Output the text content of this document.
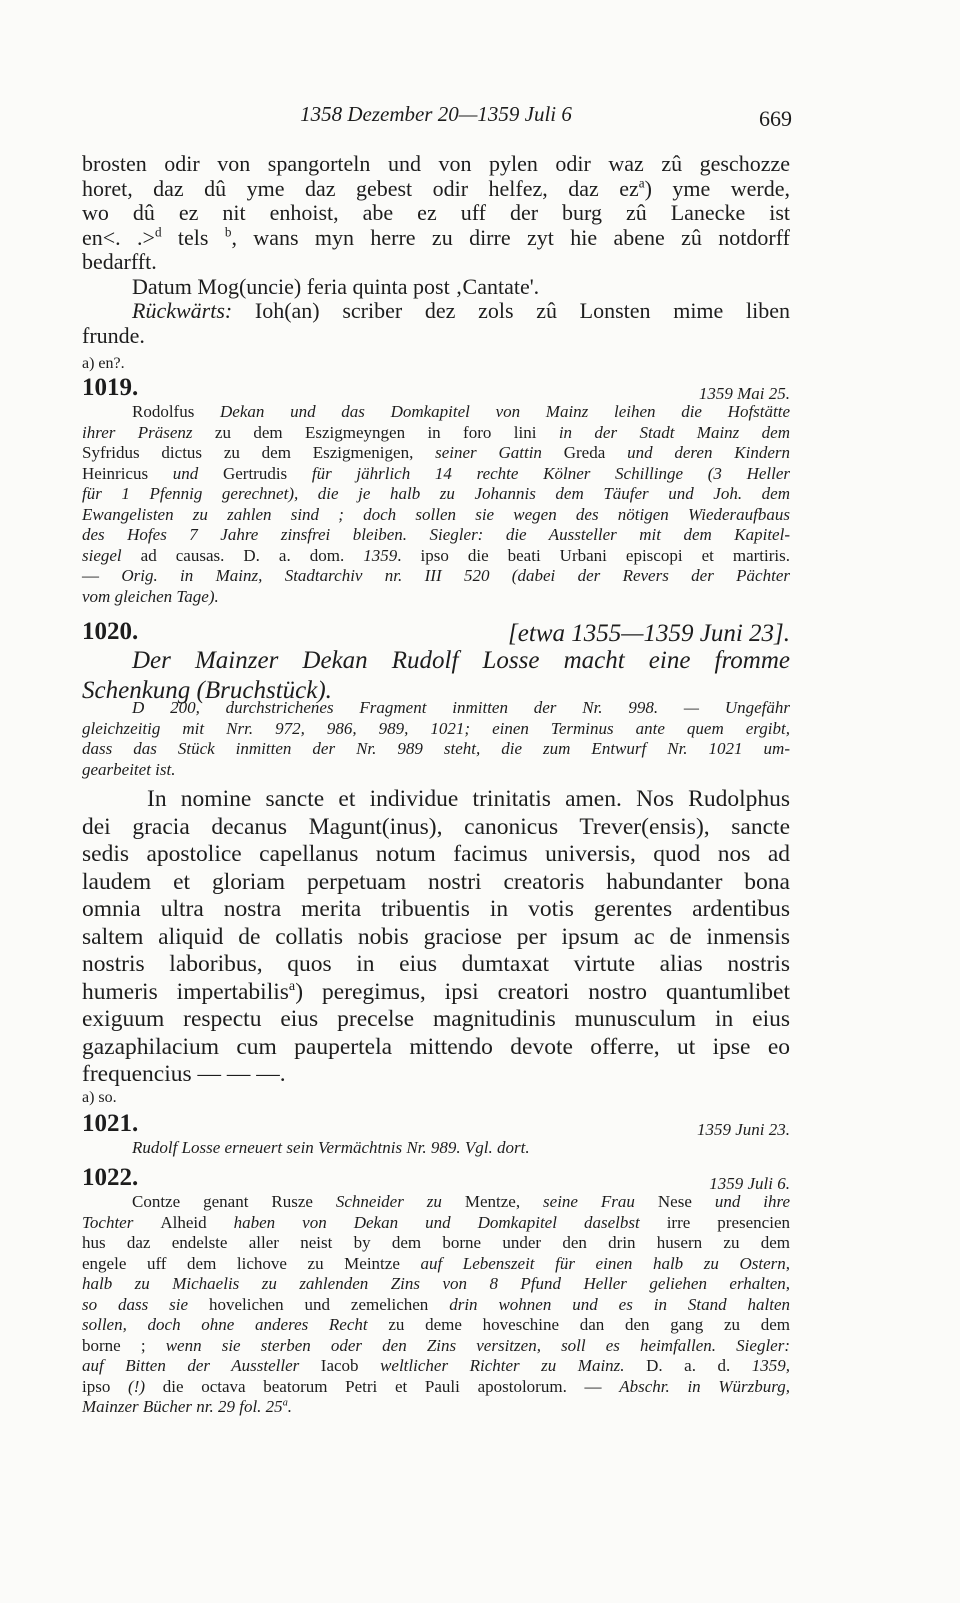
1358 Dezember 20—1359 Juli 6	669
brosten odir von spangorteln und von pylen odir waz zû geschozze
horet, daz dû yme daz gebest odir helfez, daz $ez^a$) yme werde,
wo dû ez nit enhoist, abe ez uff der burg zû Lanecke ist
en<. .>$^d$ tels $^b$, wans myn herre zu dirre zyt hie abene zû notdorff
bedarfft.
Datum Mog(uncie) feria quinta post ‚Cantate'.
Rückwärts: Ioh(an) scriber dez zols zû Lonsten mime liben
frunde.
a) en?.
1019.	1359 Mai 25.
Rodolfus Dekan und das Domkapitel von Mainz leihen die Hofstätte
ihrer Präsenz zu dem Eszigmeyngen in foro lini in der Stadt Mainz dem
Syfridus dictus zu dem Eszigmenigen, seiner Gattin Greda und deren Kindern
Heinricus und Gertrudis für jährlich 14 rechte Kölner Schillinge (3 Heller
für 1 Pfennig gerechnet), die je halb zu Johannis dem Täufer und Joh. dem
Ewangelisten zu zahlen sind ; doch sollen sie wegen des nötigen Wiederaufbaus
des Hofes 7 Jahre zinsfrei bleiben. Siegler: die Aussteller mit dem Kapitel-
siegel ad causas. D. a. dom. 1359. ipso die beati Urbani episcopi et martiris.
— Orig. in Mainz, Stadtarchiv nr. III 520 (dabei der Revers der Pächter
vom gleichen Tage).
1020.	[etwa 1355—1359 Juni 23].
Der Mainzer Dekan Rudolf Losse macht eine fromme
Schenkung (Bruchstück).
D 200, durchstrichenes Fragment inmitten der Nr. 998. — Ungefähr
gleichzeitig mit Nrr. 972, 986, 989, 1021; einen Terminus ante quem ergibt,
dass das Stück inmitten der Nr. 989 steht, die zum Entwurf Nr. 1021 um-
gearbeitet ist.
In nomine sancte et individue trinitatis amen. Nos Rudolphus
dei gracia decanus Magunt(inus), canonicus Trever(ensis), sancte
sedis apostolice capellanus notum facimus universis, quod nos ad
laudem et gloriam perpetuam nostri creatoris habundanter bona
omnia ultra nostra merita tribuentis in votis gerentes ardentibus
saltem aliquid de collatis nobis graciose per ipsum ac de inmensis
nostris laboribus, quos in eius dumtaxat virtute alias nostris
humeris impertabilis$^a$) peregimus, ipsi creatori nostro quantumlibet
exiguum respectu eius precelse magnitudinis munusculum in eius
gazaphilacium cum paupertela mittendo devote offerre, ut ipse eo
frequencius — — —.
a) so.
1021.	1359 Juni 23.
Rudolf Losse erneuert sein Vermächtnis Nr. 989. Vgl. dort.
1022.	1359 Juli 6.
Contze genant Rusze Schneider zu Mentze, seine Frau Nese und ihre
Tochter Alheid haben von Dekan und Domkapitel daselbst irre presencien
hus daz endelste aller neist by dem borne under den drin husern zu dem
engele uff dem lichove zu Meintze auf Lebenszeit für einen halb zu Ostern,
halb zu Michaelis zu zahlenden Zins von 8 Pfund Heller geliehen erhalten,
so dass sie hovelichen und zemelichen drin wohnen und es in Stand halten
sollen, doch ohne anderes Recht zu deme hoveschine dan den gang zu dem
borne ; wenn sie sterben oder den Zins versitzen, soll es heimfallen. Siegler:
auf Bitten der Aussteller Iacob weltlicher Richter zu Mainz. D. a. d. 1359,
ipso (!) die octava beatorum Petri et Pauli apostolorum. — Abschr. in Würzburg,
Mainzer Bücher nr. 29 fol. 25$^a$.
